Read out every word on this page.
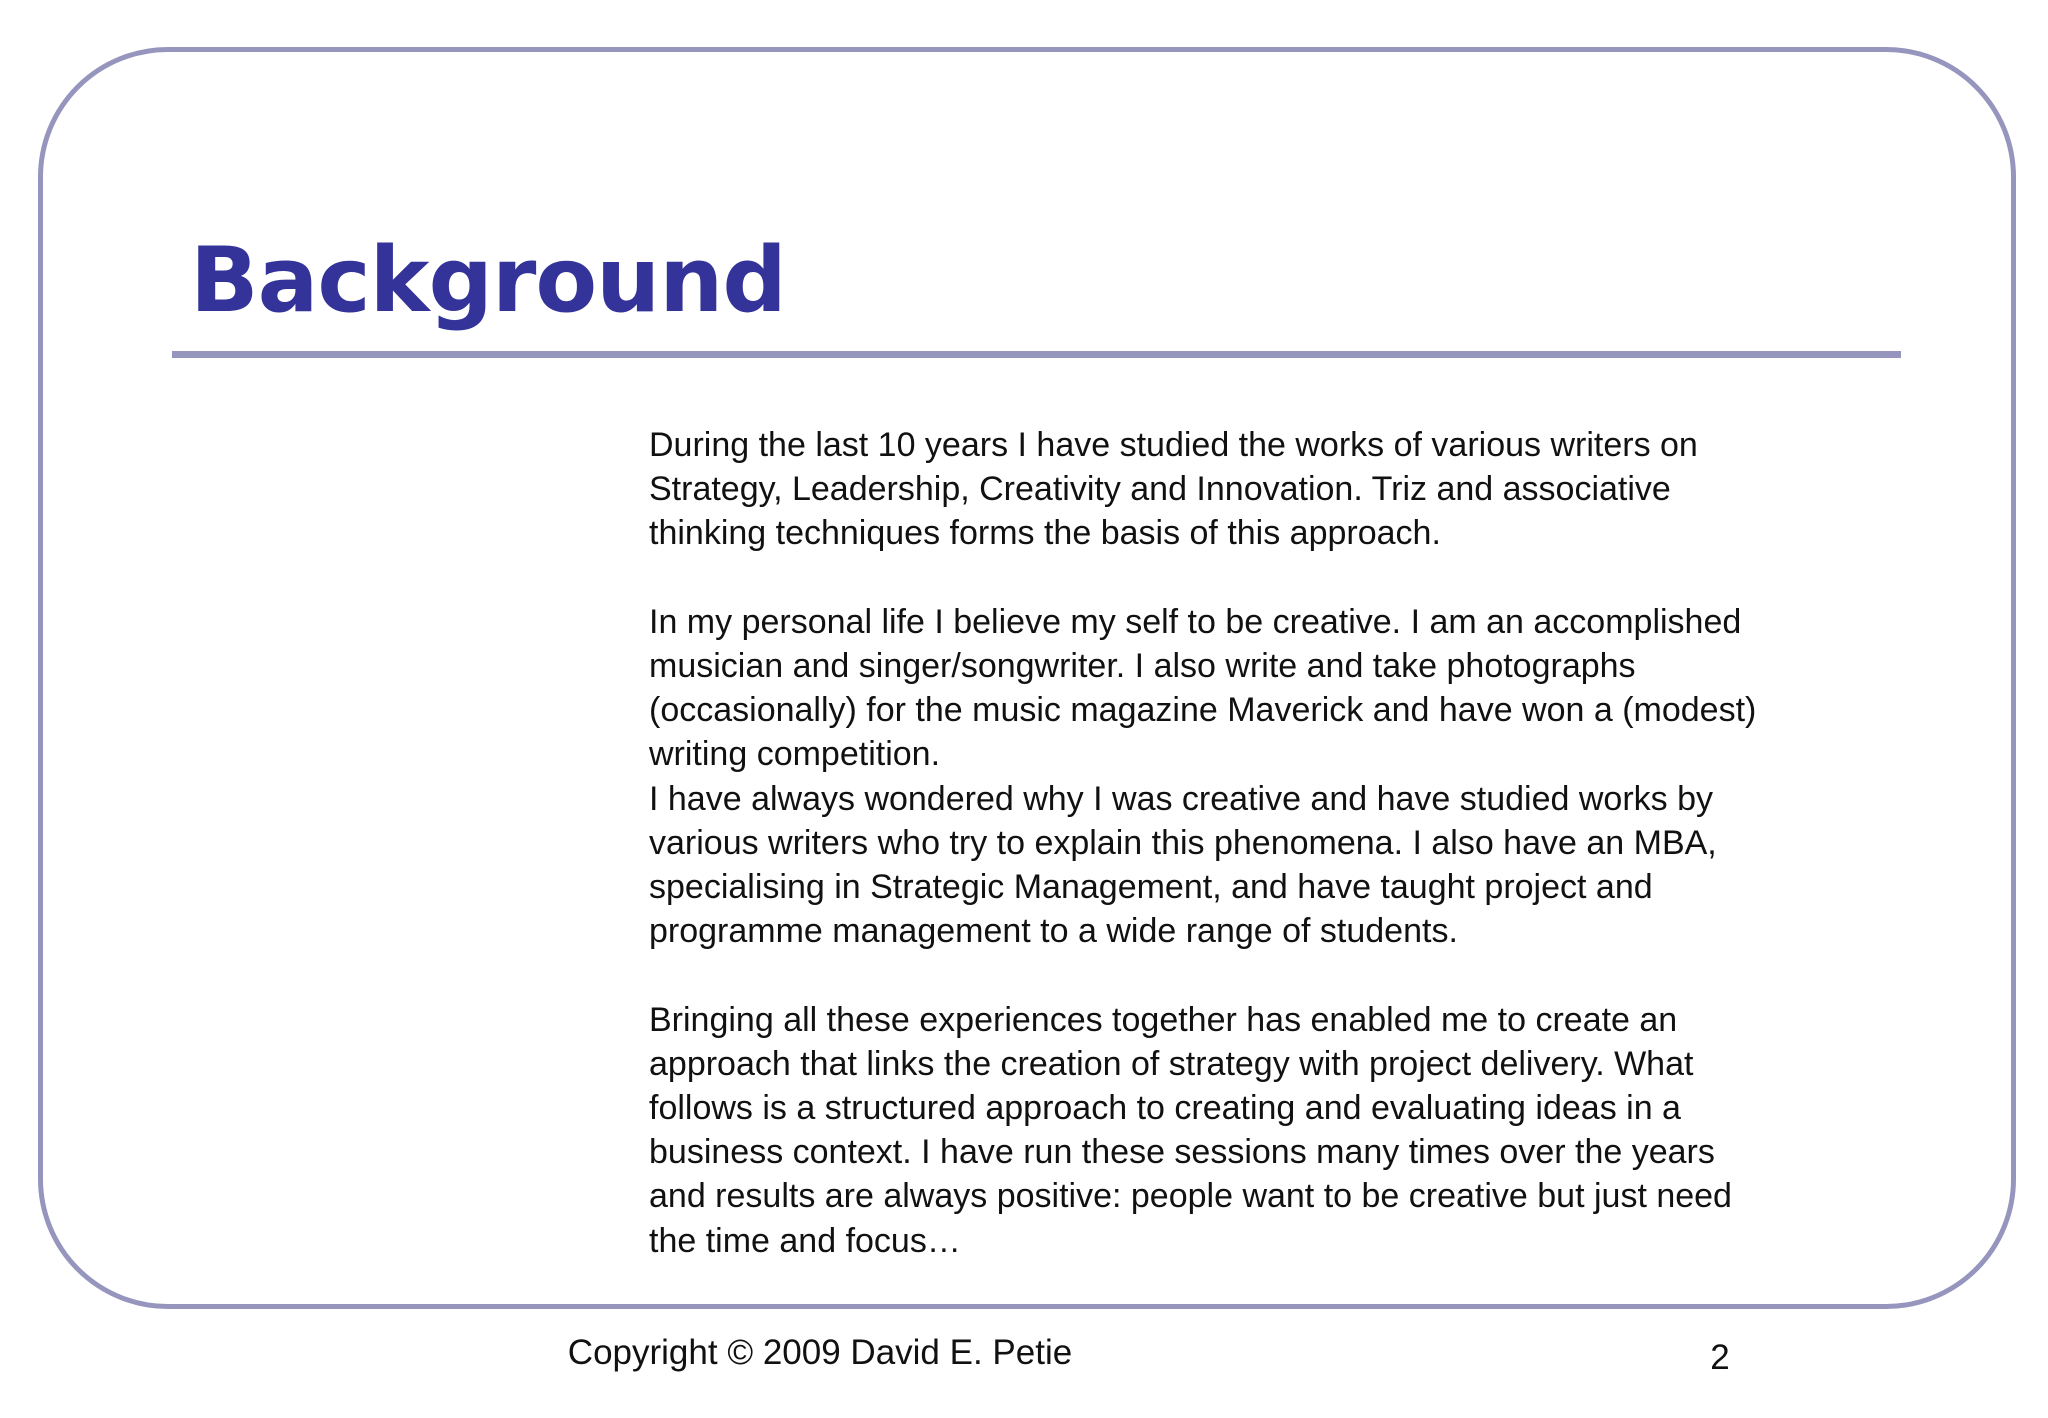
Background

During the last 10 years I have studied the works of various writers on
Strategy, Leadership, Creativity and Innovation. Triz and associative
thinking techniques forms the basis of this approach.

In my personal life I believe my self to be creative. I am an accomplished
musician and singer/songwriter. I also write and take photographs
(occasionally) for the music magazine Maverick and have won a (modest)
writing competition.

I have always wondered why I was creative and have studied works by
various writers who try to explain this phenomena. I also have an MBA,
specialising in Strategic Management, and have taught project and
programme management to a wide range of students.

Bringing all these experiences together has enabled me to create an
approach that links the creation of strategy with project delivery. What
follows is a structured approach to creating and evaluating ideas in a
business context. I have run these sessions many times over the years
and results are always positive: people want to be creative but just need
the time and focus…

Copyright © 2009 David E. Petie	2
